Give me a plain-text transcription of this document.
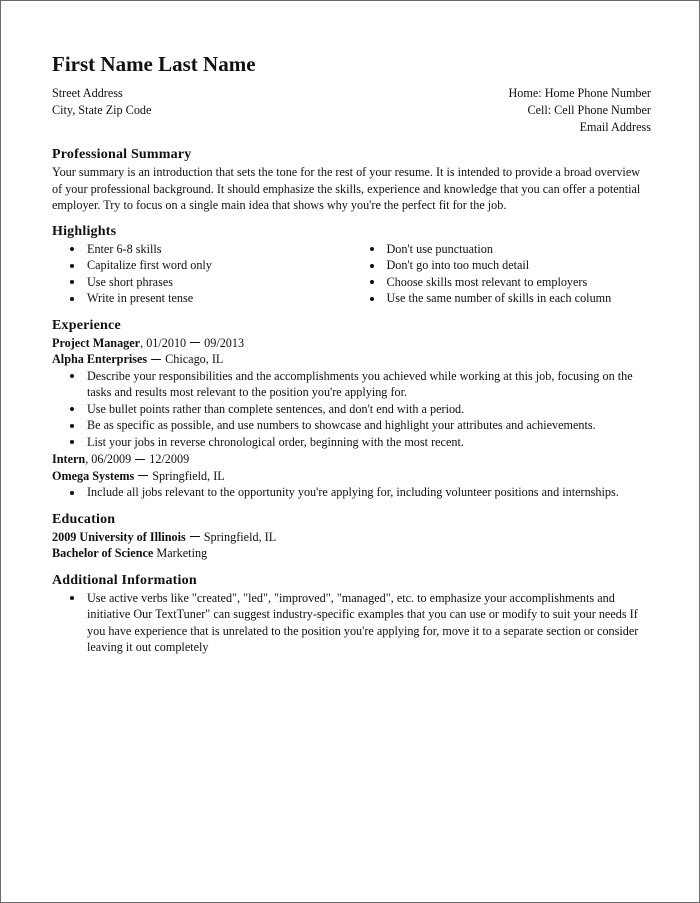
First Name Last Name
Street Address
City, State Zip Code
Home: Home Phone Number
Cell: Cell Phone Number
Email Address
Professional Summary

Your summary is an introduction that sets the tone for the rest of your resume. It is intended to provide a broad overview of your professional background. It should emphasize the skills, experience and knowledge that you can offer a potential employer. Try to focus on a single main idea that shows why you're the perfect fit for the job.

Highlights
Enter 6-8 skills
Capitalize first word only
Use short phrases
Write in present tense
Don't use punctuation
Don't go into too much detail
Choose skills most relevant to employers
Use the same number of skills in each column
Experience
Project Manager, 01/2010 09/2013
Alpha Enterprises Chicago, IL
Describe your responsibilities and the accomplishments you achieved while working at this job, focusing on the tasks and results most relevant to the position you're applying for.
Use bullet points rather than complete sentences, and don't end with a period.
Be as specific as possible, and use numbers to showcase and highlight your attributes and achievements.
List your jobs in reverse chronological order, beginning with the most recent.
Intern, 06/2009 12/2009
Omega Systems Springfield, IL
Include all jobs relevant to the opportunity you're applying for, including volunteer positions and internships.
Education
2009 University of Illinois Springfield, IL
Bachelor of Science Marketing
Additional Information
Use active verbs like "created", "led", "improved", "managed", etc. to emphasize your accomplishments and initiative Our TextTuner" can suggest industry-specific examples that you can use or modify to suit your needs If you have experience that is unrelated to the position you're applying for, move it to a separate section or consider leaving it out completely
